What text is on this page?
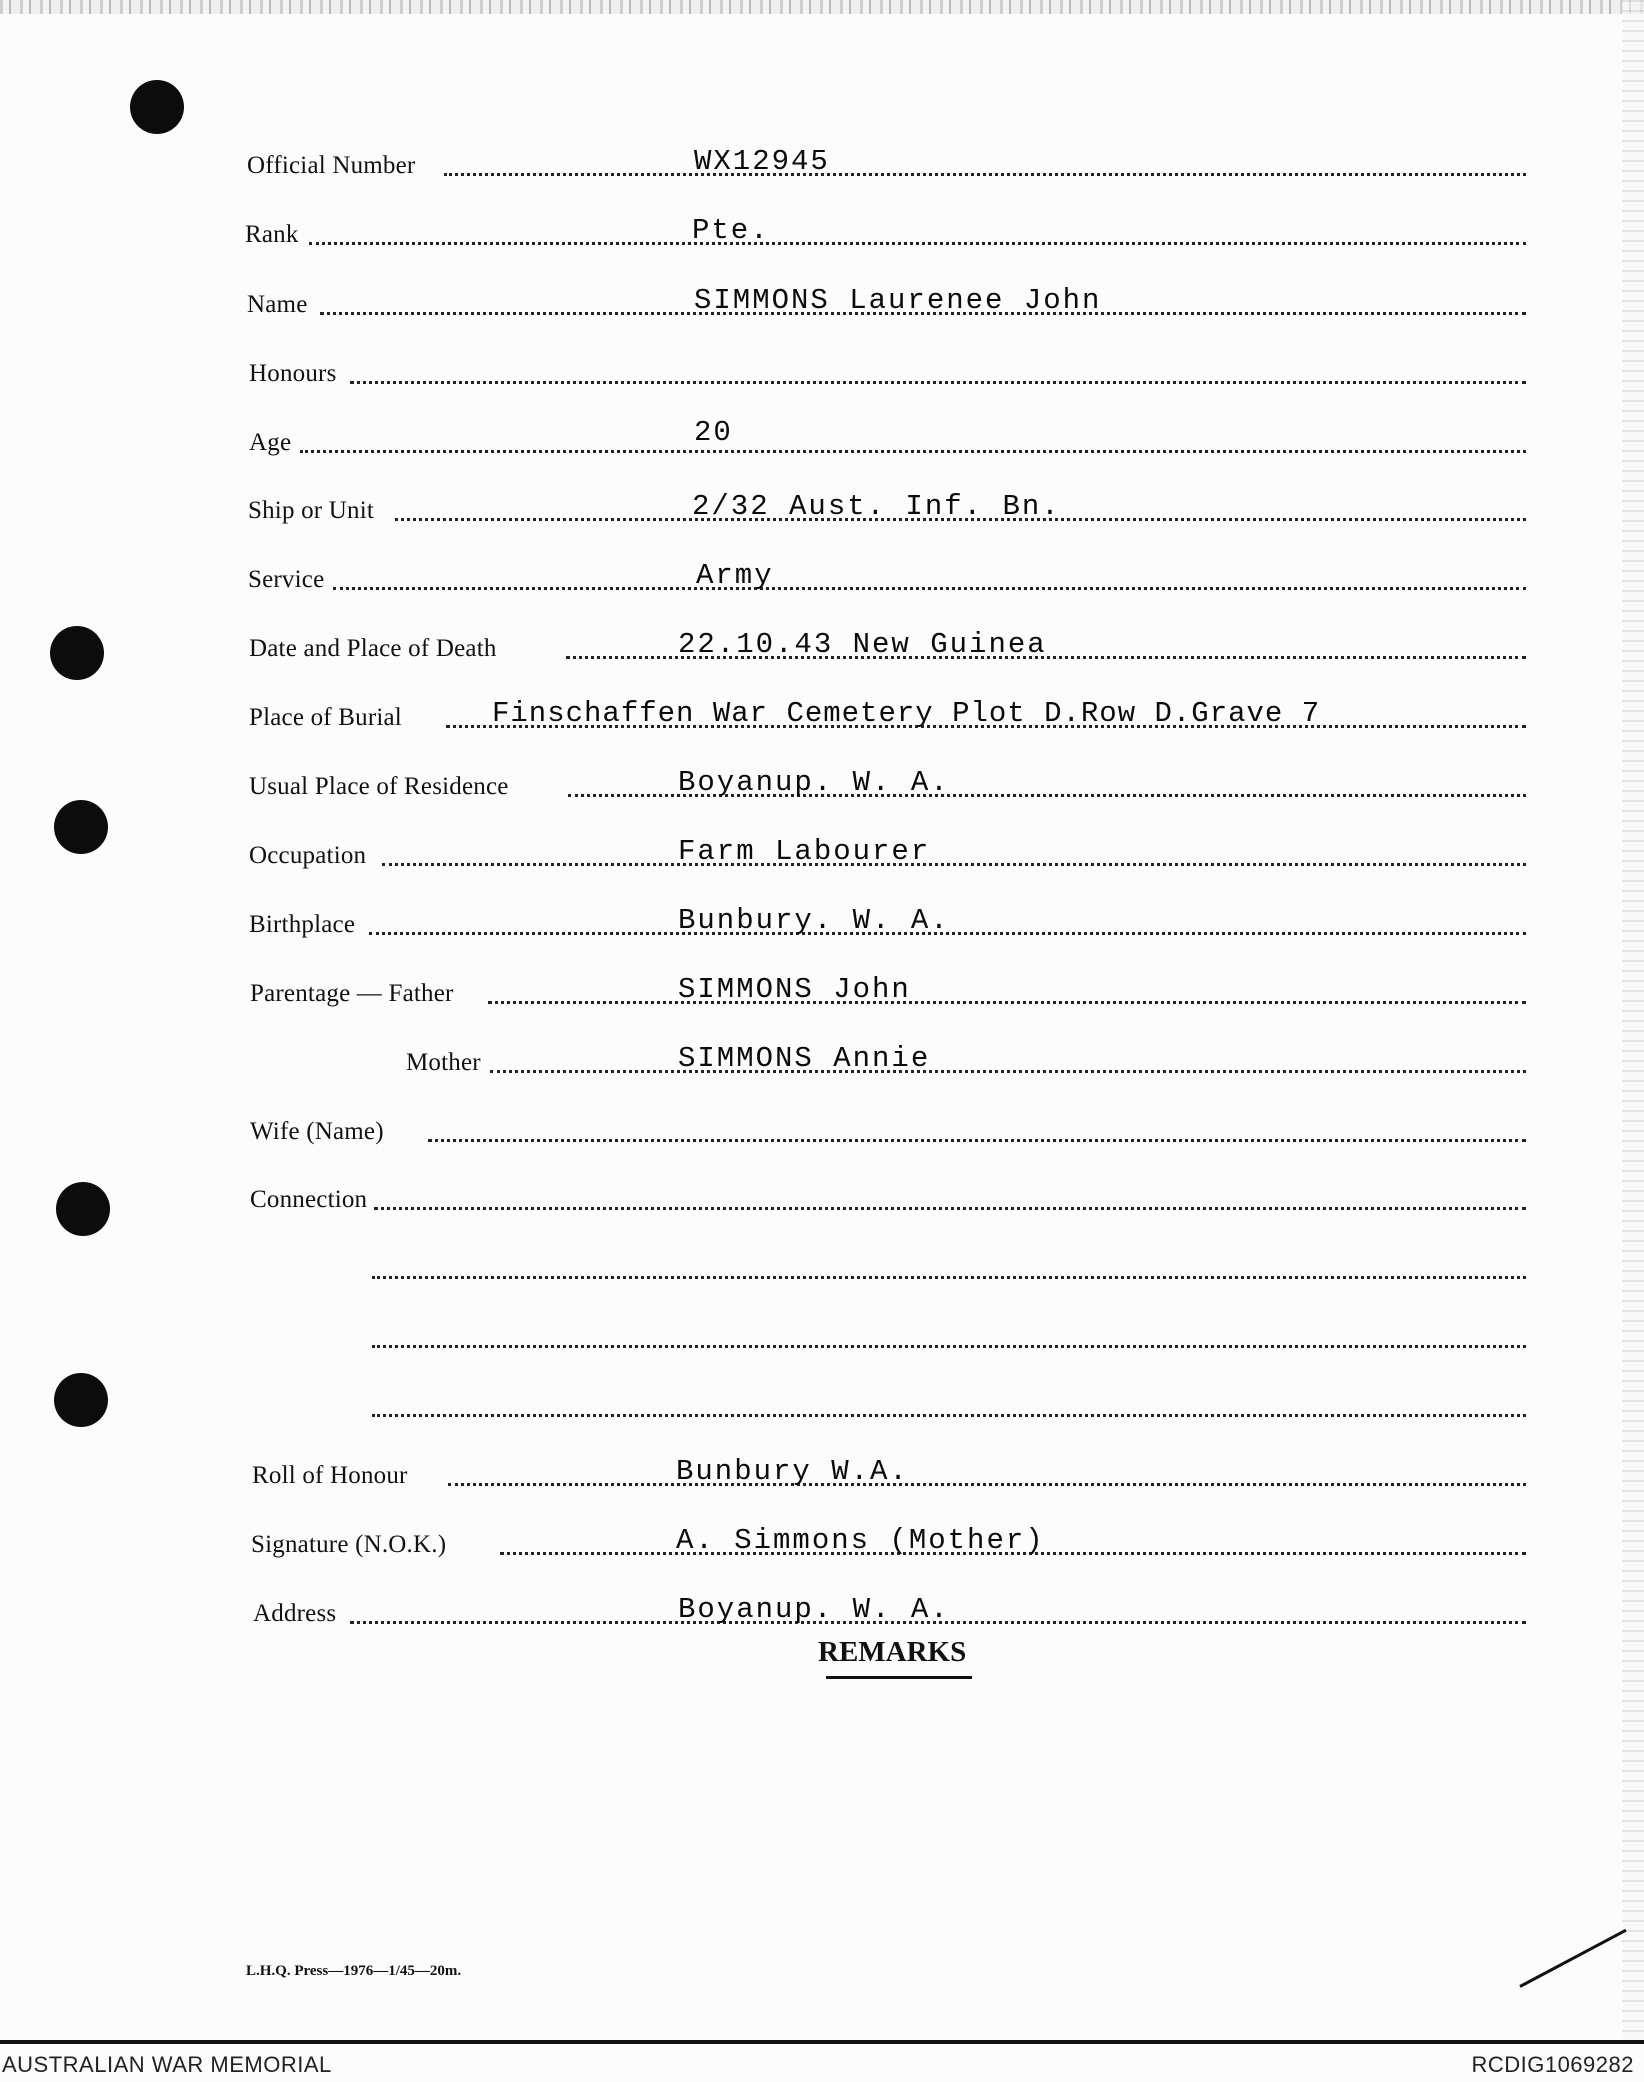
Official Number	WX12945
Rank	Pte.
Name	SIMMONS Laurenee John
Honours
Age	20
Ship or Unit	2/32 Aust. Inf. Bn.
Service	Army
Date and Place of Death	22.10.43 New Guinea
Place of Burial	Finschaffen War Cemetery Plot D.Row D.Grave 7
Usual Place of Residence	Boyanup. W. A.
Occupation	Farm Labourer
Birthplace	Bunbury. W. A.
Parentage — Father	SIMMONS John
Mother	SIMMONS Annie
Wife (Name)
Connection
Roll of Honour	Bunbury W.A.
Signature (N.O.K.)	A. Simmons (Mother)
Address	Boyanup. W. A.
REMARKS
L.H.Q. Press—1976—1/45—20m.
AUSTRALIAN WAR MEMORIAL	RCDIG1069282
